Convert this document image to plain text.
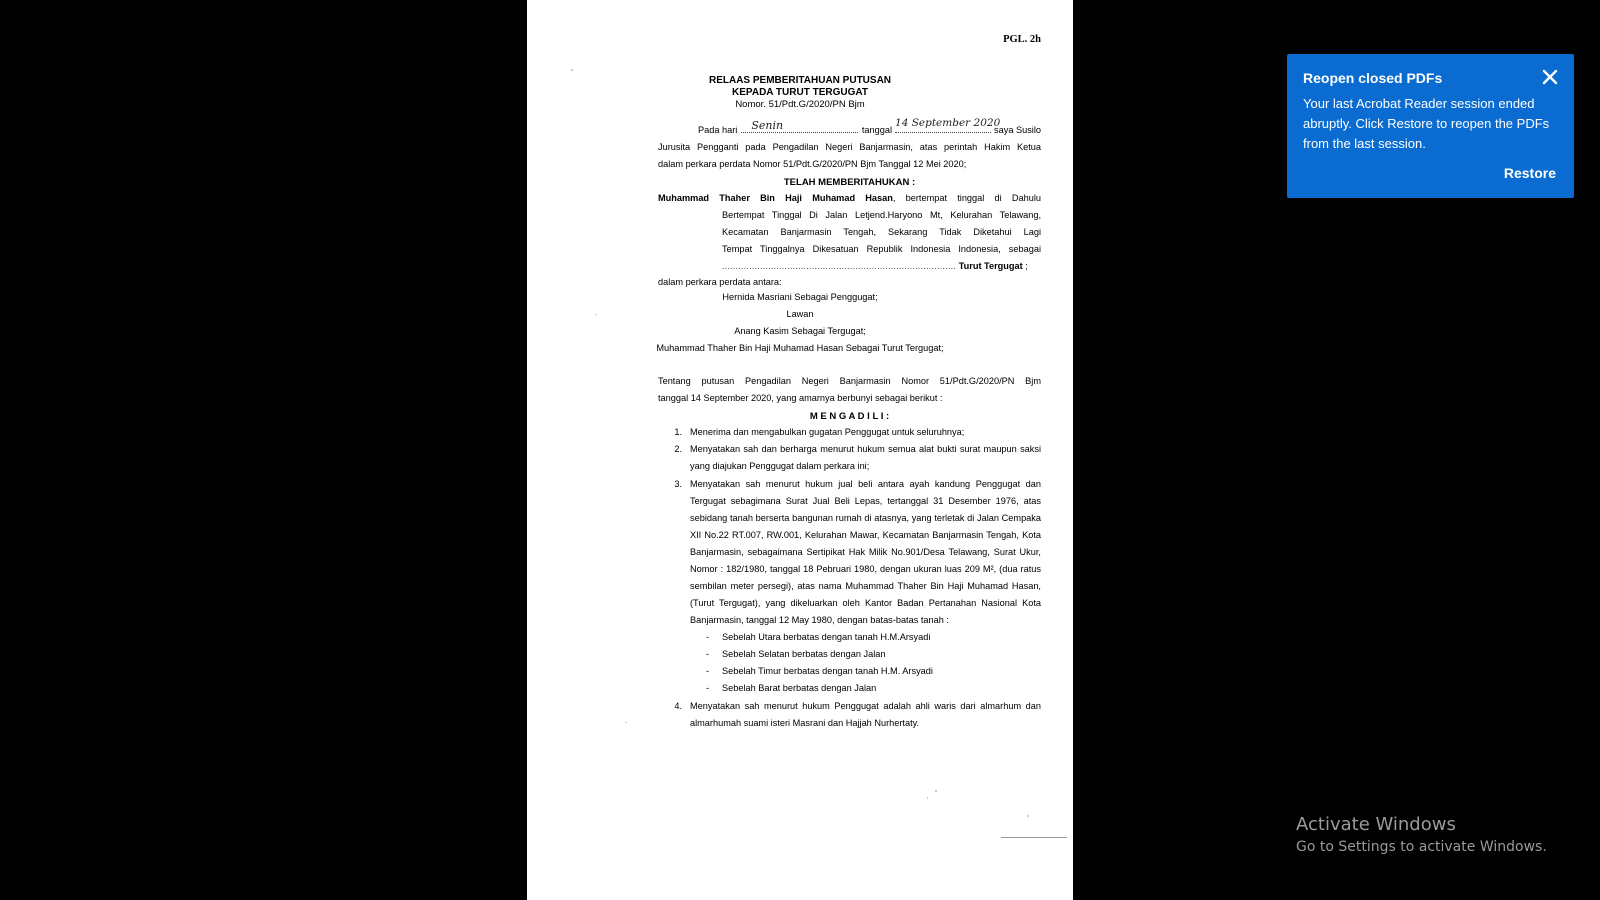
PGL. 2h
RELAAS PEMBERITAHUAN PUTUSAN
KEPADA TURUT TERGUGAT
Nomor. 51/Pdt.G/2020/PN Bjm
Pada hari Senin	tanggal
14 September 2020
saya Susilo
Jurusita Pengganti pada Pengadilan Negeri Banjarmasin, atas perintah Hakim Ketua
dalam perkara perdata Nomor 51/Pdt.G/2020/PN Bjm Tanggal 12 Mei 2020;
TELAH MEMBERITAHUKAN :
Muhammad Thaher Bin Haji Muhamad Hasan, bertempat tinggal di Dahulu
Bertempat Tinggal Di Jalan Letjend.Haryono Mt, Kelurahan Telawang,
Kecamatan Banjarmasin Tengah, Sekarang Tidak Diketahui Lagi
Tempat Tinggalnya Dikesatuan Republik Indonesia Indonesia, sebagai
...................................................................................... Turut Tergugat ;
dalam perkara perdata antara:
Hernida Masriani Sebagai Penggugat;
Lawan
Anang Kasim Sebagai Tergugat;
Muhammad Thaher Bin Haji Muhamad Hasan Sebagai Turut Tergugat;
Tentang putusan Pengadilan Negeri Banjarmasin Nomor 51/Pdt.G/2020/PN Bjm
tanggal 14 September 2020, yang amarnya berbunyi sebagai berikut :
M E N G A D I L I :
1. Menerima dan mengabulkan gugatan Penggugat untuk seluruhnya;
2. Menyatakan sah dan berharga menurut hukum semua alat bukti surat maupun saksi yang diajukan Penggugat dalam perkara ini;
3. Menyatakan sah menurut hukum jual beli antara ayah kandung Penggugat dan Tergugat sebagimana Surat Jual Beli Lepas, tertanggal 31 Desember 1976, atas sebidang tanah berserta bangunan rumah di atasnya, yang terletak di Jalan Cempaka XII No.22 RT.007, RW.001, Kelurahan Mawar, Kecamatan Banjarmasin Tengah, Kota Banjarmasin, sebagaimana Sertipikat Hak Milik No.901/Desa Telawang, Surat Ukur, Nomor : 182/1980, tanggal 18 Pebruari 1980, dengan ukuran luas 209 M², (dua ratus sembilan meter persegi), atas nama Muhammad Thaher Bin Haji Muhamad Hasan, (Turut Tergugat), yang dikeluarkan oleh Kantor Badan Pertanahan Nasional Kota Banjarmasin, tanggal 12 May 1980, dengan batas-batas tanah :
-	Sebelah Utara berbatas dengan tanah H.M.Arsyadi
-	Sebelah Selatan berbatas dengan Jalan
-	Sebelah Timur berbatas dengan tanah H.M. Arsyadi
-	Sebelah Barat berbatas dengan Jalan
4. Menyatakan sah menurut hukum Penggugat adalah ahli waris dari almarhum dan almarhumah suami isteri Masrani dan Hajjah Nurhertaty.
Reopen closed PDFs
Your last Acrobat Reader session ended abruptly. Click Restore to reopen the PDFs from the last session.
Restore
Activate Windows
Go to Settings to activate Windows.
